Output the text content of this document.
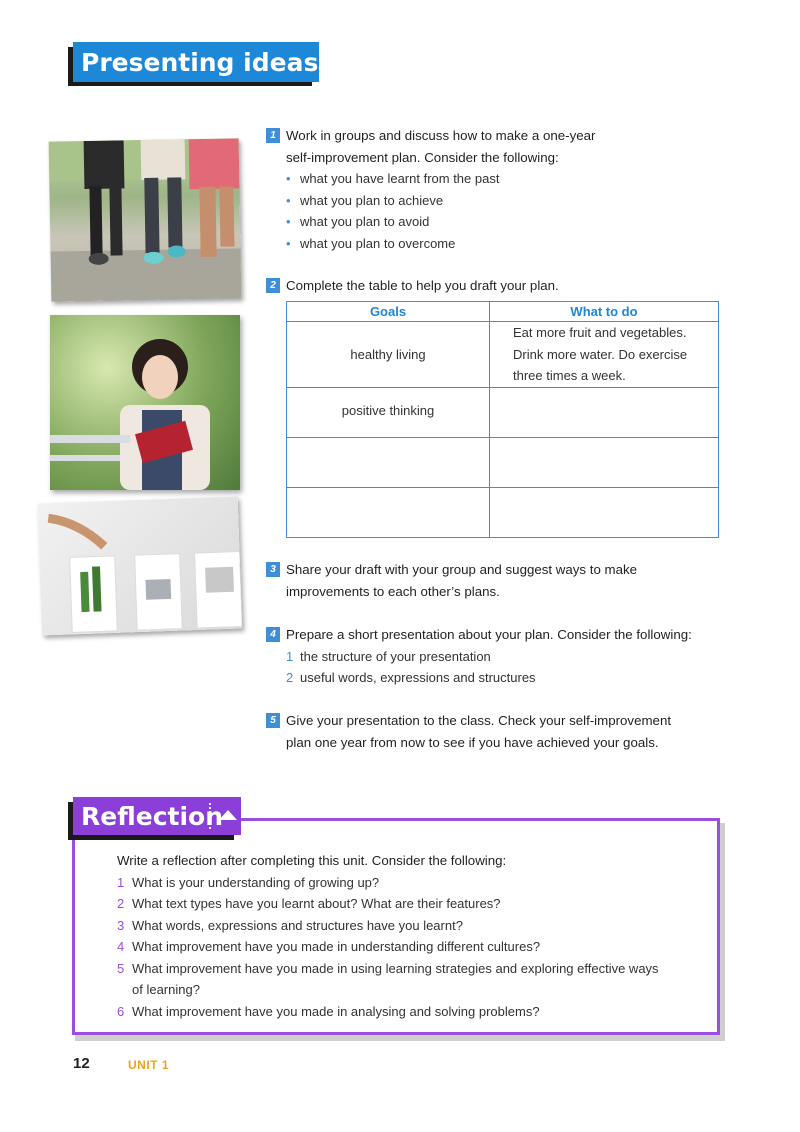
Presenting ideas
1 Work in groups and discuss how to make a one-year
self-improvement plan. Consider the following:
• what you have learnt from the past
• what you plan to achieve
• what you plan to avoid
• what you plan to overcome
2 Complete the table to help you draft your plan.
Goals	What to do
healthy living	Eat more fruit and vegetables.
Drink more water. Do exercise
three times a week.

positive thinking	

3 Share your draft with your group and suggest ways to make
improvements to each other’s plans.
4 Prepare a short presentation about your plan. Consider the following:
1 the structure of your presentation
2 useful words, expressions and structures
5 Give your presentation to the class. Check your self-improvement
plan one year from now to see if you have achieved your goals.
Reflection
Write a reflection after completing this unit. Consider the following:
1 What is your understanding of growing up?
2 What text types have you learnt about? What are their features?
3 What words, expressions and structures have you learnt?
4 What improvement have you made in understanding different cultures?
5 What improvement have you made in using learning strategies and exploring effective ways
of learning?
6 What improvement have you made in analysing and solving problems?
12	UNIT 1
